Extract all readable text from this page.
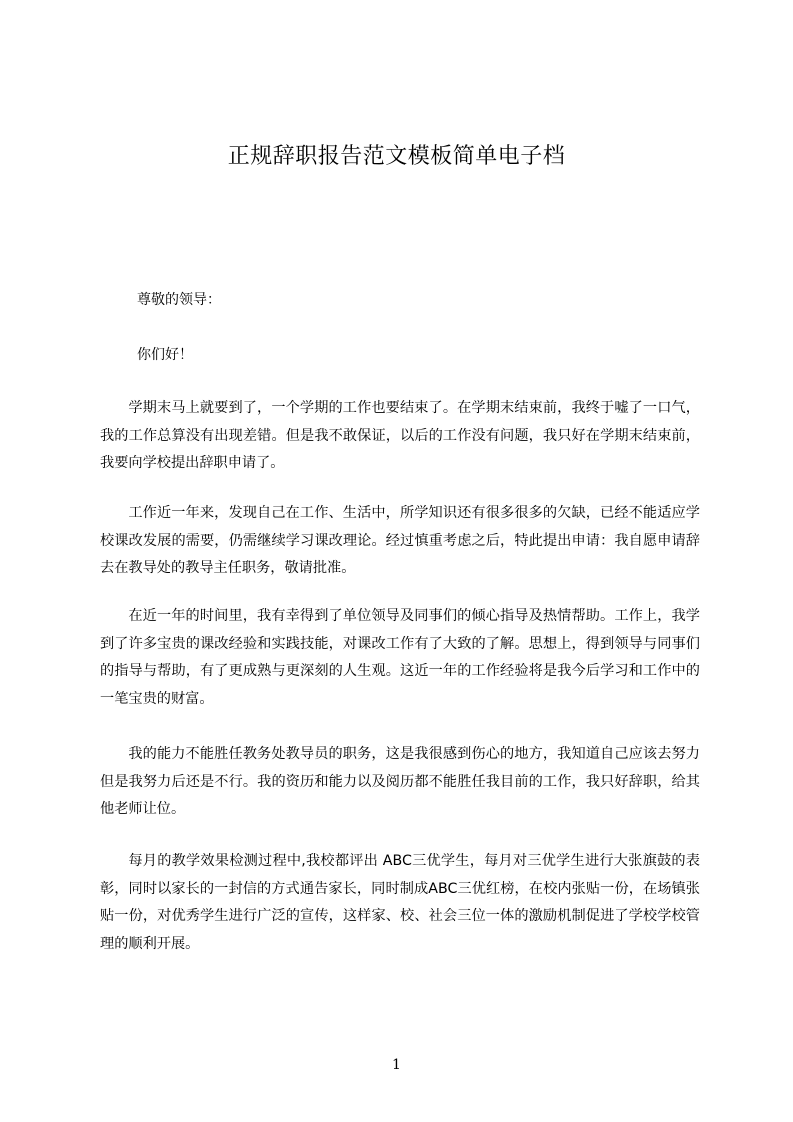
正规辞职报告范文模板简单电子档
尊敬的领导：
你们好！

学期末马上就要到了，一个学期的工作也要结束了。在学期末结束前，我终于嘘了一口气，我的工作总算没有出现差错。但是我不敢保证，以后的工作没有问题，我只好在学期末结束前，我要向学校提出辞职申请了。

工作近一年来，发现自己在工作、生活中，所学知识还有很多很多的欠缺，已经不能适应学校课改发展的需要，仍需继续学习课改理论。经过慎重考虑之后，特此提出申请：我自愿申请辞去在教导处的教导主任职务，敬请批准。

在近一年的时间里，我有幸得到了单位领导及同事们的倾心指导及热情帮助。工作上，我学到了许多宝贵的课改经验和实践技能，对课改工作有了大致的了解。思想上，得到领导与同事们的指导与帮助，有了更成熟与更深刻的人生观。这近一年的工作经验将是我今后学习和工作中的一笔宝贵的财富。

我的能力不能胜任教务处教导员的职务，这是我很感到伤心的地方，我知道自己应该去努力但是我努力后还是不行。我的资历和能力以及阅历都不能胜任我目前的工作，我只好辞职，给其他老师让位。

每月的教学效果检测过程中,我校都评出 ABC三优学生，每月对三优学生进行大张旗鼓的表彰，同时以家长的一封信的方式通告家长，同时制成ABC三优红榜，在校内张贴一份，在场镇张贴一份，对优秀学生进行广泛的宣传，这样家、校、社会三位一体的激励机制促进了学校学校管理的顺利开展。

1
